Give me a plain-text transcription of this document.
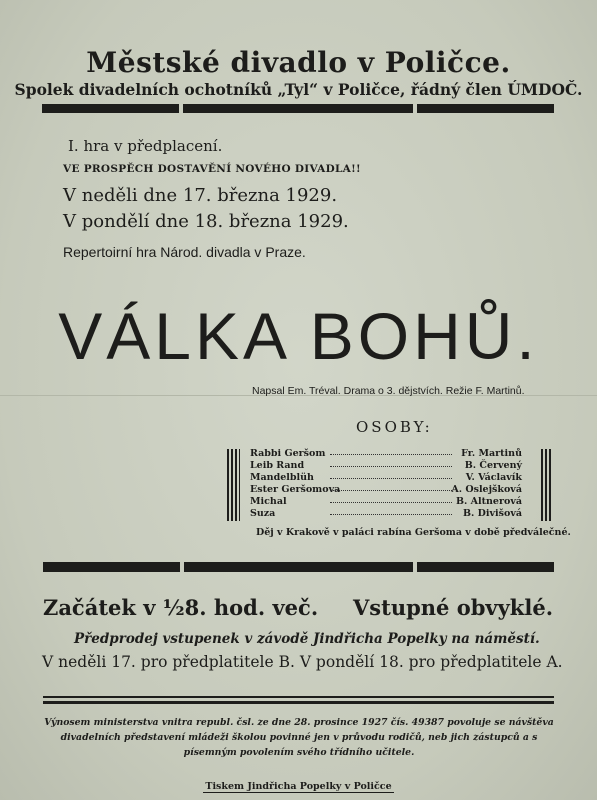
Městské divadlo v Poličce.
Spolek divadelních ochotníků „Tyl“ v Poličce, řádný člen ÚMDOČ.
I. hra v předplacení.
VE PROSPĚCH DOSTAVĚNÍ NOVÉHO DIVADLA!!
V neděli dne 17. března 1929.
V pondělí dne 18. března 1929.
Repertoirní hra Národ. divadla v Praze.
VÁLKA BOHŮ.
Napsal Em. Tréval. Drama o 3. dějstvích. Režie F. Martinů.
OSOBY:
Rabbi Geršom	Fr. Martinů
Leib Rand	B. Červený
Mandelblüh	V. Václavík
Ester Geršomova	A. Oslejšková
Michal	B. Altnerová
Suza	B. Divišová
Děj v Krakově v paláci rabína Geršoma v době předválečné.
Začátek v ½8. hod. več. Vstupné obvyklé.
Předprodej vstupenek v závodě Jindřicha Popelky na náměstí.
V neděli 17. pro předplatitele B. V pondělí 18. pro předplatitele A.
Výnosem ministerstva vnitra republ. čsl. ze dne 28. prosince 1927 čís. 49387 povoluje se návštěva divadelních představení mládeži školou povinné jen v průvodu rodičů, neb jich zástupců a s písemným povolením svého třídního učitele.
Tiskem Jindřicha Popelky v Poličce
